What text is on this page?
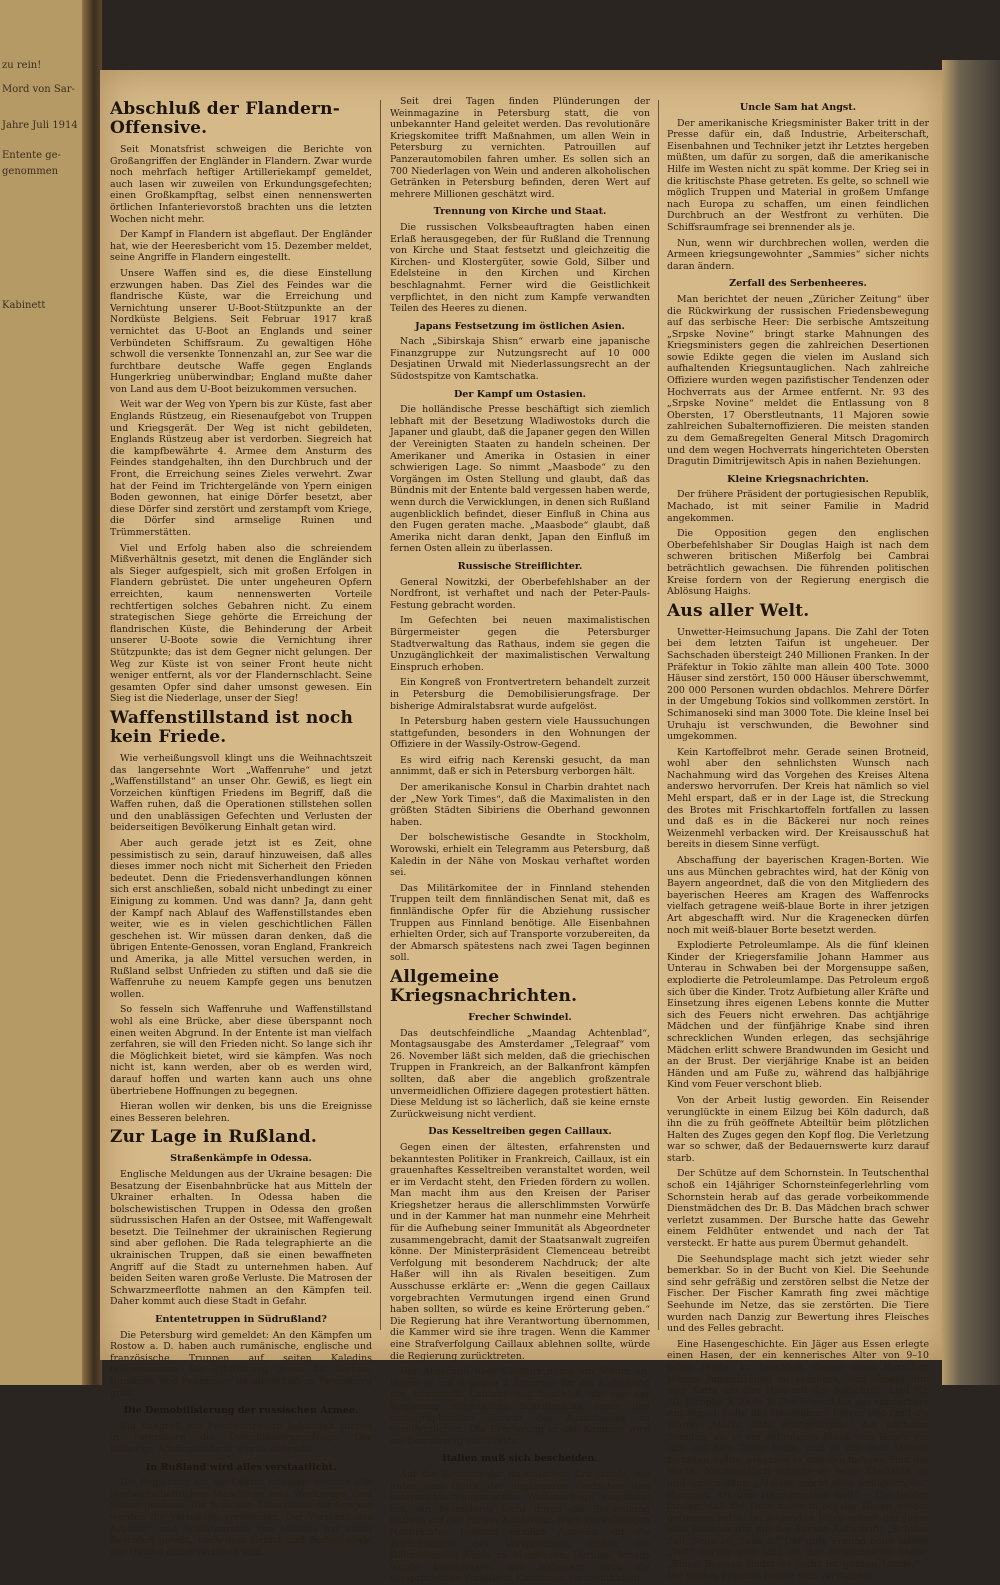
zu rein!
Mord von Sar-
Jahre Juli 1914
Entente ge-
genommen
Kabinett
Abschluß der Flandern-Offensive.

Seit Monatsfrist schweigen die Berichte von Großangriffen der Engländer in Flandern. Zwar wurde noch mehrfach heftiger Artilleriekampf gemeldet, auch lasen wir zuweilen von Erkundungsgefechten; einen Großkampftag, selbst einen nennenswerten örtlichen Infanterievorstoß brachten uns die letzten Wochen nicht mehr.

Der Kampf in Flandern ist abgeflaut. Der Engländer hat, wie der Heeresbericht vom 15. Dezember meldet, seine Angriffe in Flandern eingestellt.

Unsere Waffen sind es, die diese Einstellung erzwungen haben. Das Ziel des Feindes war die flandrische Küste, war die Erreichung und Vernichtung unserer U-Boot-Stützpunkte an der Nordküste Belgiens. Seit Februar 1917 kraß vernichtet das U-Boot an Englands und seiner Verbündeten Schiffsraum. Zu gewaltigen Höhe schwoll die versenkte Tonnenzahl an, zur See war die furchtbare deutsche Waffe gegen Englands Hungerkrieg unüberwindbar; England mußte daher von Land aus dem U-Boot beizukommen versuchen.

Weit war der Weg von Ypern bis zur Küste, fast aber Englands Rüstzeug, ein Riesenaufgebot von Truppen und Kriegsgerät. Der Weg ist nicht gebildeten, Englands Rüstzeug aber ist verdorben. Siegreich hat die kampfbewährte 4. Armee dem Ansturm des Feindes standgehalten, ihn den Durchbruch und der Front, die Erreichung seines Zieles verwehrt. Zwar hat der Feind im Trichtergelände von Ypern einigen Boden gewonnen, hat einige Dörfer besetzt, aber diese Dörfer sind zerstört und zerstampft vom Kriege, die Dörfer sind armselige Ruinen und Trümmerstätten.

Viel und Erfolg haben also die schreiendem Mißverhältnis gesetzt, mit denen die Engländer sich als Sieger aufgespielt, sich mit großen Erfolgen in Flandern gebrüstet. Die unter ungeheuren Opfern erreichten, kaum nennenswerten Vorteile rechtfertigen solches Gebahren nicht. Zu einem strategischen Siege gehörte die Erreichung der flandrischen Küste, die Behinderung der Arbeit unserer U-Boote sowie die Vernichtung ihrer Stützpunkte; das ist dem Gegner nicht gelungen. Der Weg zur Küste ist von seiner Front heute nicht weniger entfernt, als vor der Flandernschlacht. Seine gesamten Opfer sind daher umsonst gewesen. Ein Sieg ist die Niederlage, unser der Sieg!

Waffenstillstand ist noch kein Friede.

Wie verheißungsvoll klingt uns die Weihnachtszeit das langersehnte Wort „Waffenruhe“ und jetzt „Waffenstillstand“ an unser Ohr. Gewiß, es liegt ein Vorzeichen künftigen Friedens im Begriff, daß die Waffen ruhen, daß die Operationen stillstehen sollen und den unablässigen Gefechten und Verlusten der beiderseitigen Bevölkerung Einhalt getan wird.

Aber auch gerade jetzt ist es Zeit, ohne pessimistisch zu sein, darauf hinzuweisen, daß alles dieses immer noch nicht mit Sicherheit den Frieden bedeutet. Denn die Friedensverhandlungen können sich erst anschließen, sobald nicht unbedingt zu einer Einigung zu kommen. Und was dann? Ja, dann geht der Kampf nach Ablauf des Waffenstillstandes eben weiter, wie es in vielen geschichtlichen Fällen geschehen ist. Wir müssen daran denken, daß die übrigen Entente-Genossen, voran England, Frankreich und Amerika, ja alle Mittel versuchen werden, in Rußland selbst Unfrieden zu stiften und daß sie die Waffenruhe zu neuem Kampfe gegen uns benutzen wollen.

So fesseln sich Waffenruhe und Waffenstillstand wohl als eine Brücke, aber diese überspannt noch einen weiten Abgrund. In der Entente ist man vielfach zerfahren, sie will den Frieden nicht. So lange sich ihr die Möglichkeit bietet, wird sie kämpfen. Was noch nicht ist, kann werden, aber ob es werden wird, darauf hoffen und warten kann auch uns ohne übertriebene Hoffnungen zu begegnen.

Hieran wollen wir denken, bis uns die Ereignisse eines Besseren belehren.

Zur Lage in Rußland.
Straßenkämpfe in Odessa.

Englische Meldungen aus der Ukraine besagen: Die Besatzung der Eisenbahnbrücke hat aus Mitteln der Ukrainer erhalten. In Odessa haben die bolschewistischen Truppen in Odessa den großen südrussischen Hafen an der Ostsee, mit Waffengewalt besetzt. Die Teilnehmer der ukrainischen Regierung sind aber geflohen. Die Rada telegraphierte an die ukrainischen Truppen, daß sie einen bewaffneten Angriff auf die Stadt zu unternehmen haben. Auf beiden Seiten waren große Verluste. Die Matrosen der Schwarzmeerflotte nahmen an den Kämpfen teil. Daher kommt auch diese Stadt in Gefahr.

Ententetruppen in Südrußland?

Die Petersburg wird gemeldet: An den Kämpfen um Rostow a. D. haben auch rumänische, englische und französische Truppen auf seiten Kaledins teilgenommen. Die Erbitterung gegen die Serben, Rumänen und Franzosen ist dieserhalb in Petersburg groß.

Die Demobilisierung der russischen Armee.

Ein Kongreß von Frontvertretern behandelt zurzeit in Petersburg die Demobilisierungsfrage. Der bisherige Admiralstabsrat wurde aufgelöst.

In Rußland wird alles verstaatlicht.

Die Regierung hat ein Dekret erlassen, wonach alle landwirtschaftlichen Maschinen und Werkzeuge dem Staate gehören. Die örtlichen Ausschüsse der Sowjets werden die Verteilung vornehmen. Der Vorstand des Arbeiter- und Soldatenrates von Moskau hat einen Beschluß gefaßt, nach dem Grund und Boden sowie der Handel damit verboten sind.

Seit drei Tagen finden Plünderungen der Weinmagazine in Petersburg statt, die von unbekannter Hand geleitet werden. Das revolutionäre Kriegskomitee trifft Maßnahmen, um allen Wein in Petersburg zu vernichten. Patrouillen auf Panzerautomobilen fahren umher. Es sollen sich an 700 Niederlagen von Wein und anderen alkoholischen Getränken in Petersburg befinden, deren Wert auf mehrere Millionen geschätzt wird.

Trennung von Kirche und Staat.

Die russischen Volksbeauftragten haben einen Erlaß herausgegeben, der für Rußland die Trennung von Kirche und Staat festsetzt und gleichzeitig die Kirchen- und Klostergüter, sowie Gold, Silber und Edelsteine in den Kirchen und Kirchen beschlagnahmt. Ferner wird die Geistlichkeit verpflichtet, in den nicht zum Kampfe verwandten Teilen des Heeres zu dienen.

Japans Festsetzung im östlichen Asien.

Nach „Sibirskaja Shisn“ erwarb eine japanische Finanzgruppe zur Nutzungsrecht auf 10 000 Desjatinen Urwald mit Niederlassungsrecht an der Südostspitze von Kamtschatka.

Der Kampf um Ostasien.

Die holländische Presse beschäftigt sich ziemlich lebhaft mit der Besetzung Wladiwostoks durch die Japaner und glaubt, daß die Japaner gegen den Willen der Vereinigten Staaten zu handeln scheinen. Der Amerikaner und Amerika in Ostasien in einer schwierigen Lage. So nimmt „Maasbode“ zu den Vorgängen im Osten Stellung und glaubt, daß das Bündnis mit der Entente bald vergessen haben werde, wenn durch die Verwicklungen, in denen sich Rußland augenblicklich befindet, dieser Einfluß in China aus den Fugen geraten mache. „Maasbode“ glaubt, daß Amerika nicht daran denkt, Japan den Einfluß im fernen Osten allein zu überlassen.

Russische Streiflichter.

General Nowitzki, der Oberbefehlshaber an der Nordfront, ist verhaftet und nach der Peter-Pauls-Festung gebracht worden.

Im Gefechten bei neuen maximalistischen Bürgermeister gegen die Petersburger Stadtverwaltung das Rathaus, indem sie gegen die Unzugänglichkeit der maximalistischen Verwaltung Einspruch erhoben.

Ein Kongreß von Frontvertretern behandelt zurzeit in Petersburg die Demobilisierungsfrage. Der bisherige Admiralstabsrat wurde aufgelöst.

In Petersburg haben gestern viele Haussuchungen stattgefunden, besonders in den Wohnungen der Offiziere in der Wassily-Ostrow-Gegend.

Es wird eifrig nach Kerenski gesucht, da man annimmt, daß er sich in Petersburg verborgen hält.

Der amerikanische Konsul in Charbin drahtet nach der „New York Times“, daß die Maximalisten in den größten Städten Sibiriens die Oberhand gewonnen haben.

Der bolschewistische Gesandte in Stockholm, Worowski, erhielt ein Telegramm aus Petersburg, daß Kaledin in der Nähe von Moskau verhaftet worden sei.

Das Militärkomitee der in Finnland stehenden Truppen teilt dem finnländischen Senat mit, daß es finnländische Opfer für die Abziehung russischer Truppen aus Finnland benötige. Alle Eisenbahnen erhielten Order, sich auf Transporte vorzubereiten, da der Abmarsch spätestens nach zwei Tagen beginnen soll.

Allgemeine Kriegsnachrichten.
Frecher Schwindel.

Das deutschfeindliche „Maandag Achtenblad“, Montagsausgabe des Amsterdamer „Telegraaf“ vom 26. November läßt sich melden, daß die griechischen Truppen in Frankreich, an der Balkanfront kämpfen sollten, daß aber die angeblich großzentrale unvermeidlichen Offiziere dagegen protestiert hätten. Diese Meldung ist so lächerlich, daß sie keine ernste Zurückweisung nicht verdient.

Das Kesseltreiben gegen Caillaux.

Gegen einen der ältesten, erfahrensten und bekanntesten Politiker in Frankreich, Caillaux, ist ein grauenhaftes Kesseltreiben veranstaltet worden, weil er im Verdacht steht, den Frieden fördern zu wollen. Man macht ihm aus den Kreisen der Pariser Kriegshetzer heraus die allerschlimmsten Vorwürfe und in der Kammer hat man nunmehr eine Mehrheit für die Aufhebung seiner Immunität als Abgeordneter zusammengebracht, damit der Staatsanwalt zugreifen könne. Der Ministerpräsident Clemenceau betreibt Verfolgung mit besonderem Nachdruck; der alte Haßer will ihn als Rivalen beseitigen. Zum Ausschusse erklärte er: „Wenn die gegen Caillaux vorgebrachten Vermutungen irgend einen Grund haben sollten, so würde es keine Erörterung geben.“ Die Regierung hat ihre Verantwortung übernommen, die Kammer wird sie ihre tragen. Wenn die Kammer eine Strafverfolgung Caillaux ablehnen sollte, würde die Regierung zurücktreten.

Der Ausschuß über Caillaux nahm ein Votum an, indem er mit 9 gegen 2 Stimmen für die Aufhebung der Immunität Caillaux und beschloß die von der Regierung mitgeteilten Schriftstücke sowie den stenographischen Bericht des Ausschusses zu veröffentlichen. Die Erörterung in der Kammer wird am Donnerstag stattfinden.

Italien muß sich bescheiden.

Auf die Revision der italienischen Kriegsziele, die unter dem Druck der ungeheuren deutschen und österreichisch-ungarischen Waffenerfolge eingesetzt hat, ein besonderes Licht durch die Behandlung Italiens auf der Pariser Konferenz. Nach zuverlässigen Nachrichten bestand nämlich Amerika auf die Zurücknahme des Versprechens, Italien die Dalmatinische Küste zu überlassen. Darüber hinaus wurde beschlossen, den Italienern auch die versprochenen Vorteile in Kleinasien vorzuenthalten.

Uncle Sam hat Angst.

Der amerikanische Kriegsminister Baker tritt in der Presse dafür ein, daß Industrie, Arbeiterschaft, Eisenbahnen und Techniker jetzt ihr Letztes hergeben müßten, um dafür zu sorgen, daß die amerikanische Hilfe im Westen nicht zu spät komme. Der Krieg sei in die kritischste Phase getreten. Es gelte, so schnell wie möglich Truppen und Material in großem Umfange nach Europa zu schaffen, um einen feindlichen Durchbruch an der Westfront zu verhüten. Die Schiffsraumfrage sei brennender als je.

Nun, wenn wir durchbrechen wollen, werden die Armeen kriegsungewohnter „Sammies“ sicher nichts daran ändern.

Zerfall des Serbenheeres.

Man berichtet der neuen „Züricher Zeitung“ über die Rückwirkung der russischen Friedensbewegung auf das serbische Heer: Die serbische Amtszeitung „Srpske Novine“ bringt starke Mahnungen des Kriegsministers gegen die zahlreichen Desertionen sowie Edikte gegen die vielen im Ausland sich aufhaltenden Kriegsuntauglichen. Nach zahlreiche Offiziere wurden wegen pazifistischer Tendenzen oder Hochverrats aus der Armee entfernt. Nr. 93 des „Srpske Novine“ meldet die Entlassung von 8 Obersten, 17 Oberstleutnants, 11 Majoren sowie zahlreichen Subalternoffizieren. Die meisten standen zu dem Gemaßregelten General Mitsch Dragomirch und dem wegen Hochverrats hingerichteten Obersten Dragutin Dimitrijewitsch Apis in nahen Beziehungen.

Kleine Kriegsnachrichten.

Der frühere Präsident der portugiesischen Republik, Machado, ist mit seiner Familie in Madrid angekommen.

Die Opposition gegen den englischen Oberbefehlshaber Sir Douglas Haigh ist nach dem schweren britischen Mißerfolg bei Cambrai beträchtlich gewachsen. Die führenden politischen Kreise fordern von der Regierung energisch die Ablösung Haighs.

Aus aller Welt.

Unwetter-Heimsuchung Japans. Die Zahl der Toten bei dem letzten Taifun ist ungeheuer. Der Sachschaden übersteigt 240 Millionen Franken. In der Präfektur in Tokio zählte man allein 400 Tote. 3000 Häuser sind zerstört, 150 000 Häuser überschwemmt, 200 000 Personen wurden obdachlos. Mehrere Dörfer in der Umgebung Tokios sind vollkommen zerstört. In Schimanoseki sind man 3000 Tote. Die kleine Insel bei Uruhaju ist verschwunden, die Bewohner sind umgekommen.

Kein Kartoffelbrot mehr. Gerade seinen Brotneid, wohl aber den sehnlichsten Wunsch nach Nachahmung wird das Vorgehen des Kreises Altena anderswo hervorrufen. Der Kreis hat nämlich so viel Mehl erspart, daß er in der Lage ist, die Streckung des Brotes mit Frischkartoffeln fortfallen zu lassen und daß es in die Bäckerei nur noch reines Weizenmehl verbacken wird. Der Kreisausschuß hat bereits in diesem Sinne verfügt.

Abschaffung der bayerischen Kragen-Borten. Wie uns aus München gebrachtes wird, hat der König von Bayern angeordnet, daß die von den Mitgliedern des bayerischen Heeres am Kragen des Waffenrocks vielfach getragene weiß-blaue Borte in ihrer jetzigen Art abgeschafft wird. Nur die Kragenecken dürfen noch mit weiß-blauer Borte besetzt werden.

Explodierte Petroleumlampe. Als die fünf kleinen Kinder der Kriegersfamilie Johann Hammer aus Unterau in Schwaben bei der Morgensuppe saßen, explodierte die Petroleumlampe. Das Petroleum ergoß sich über die Kinder. Trotz Aufbietung aller Kräfte und Einsetzung ihres eigenen Lebens konnte die Mutter sich des Feuers nicht erwehren. Das achtjährige Mädchen und der fünfjährige Knabe sind ihren schrecklichen Wunden erlegen, das sechsjährige Mädchen erlitt schwere Brandwunden im Gesicht und an der Brust. Der vierjährige Knabe ist an beiden Händen und am Fuße zu, während das halbjährige Kind vom Feuer verschont blieb.

Von der Arbeit lustig geworden. Ein Reisender verunglückte in einem Eilzug bei Köln dadurch, daß ihn die zu früh geöffnete Abteiltür beim plötzlichen Halten des Zuges gegen den Kopf flog. Die Verletzung war so schwer, daß der Bedauernswerte kurz darauf starb.

Der Schütze auf dem Schornstein. In Teutschenthal schoß ein 14jähriger Schornsteinfegerlehrling vom Schornstein herab auf das gerade vorbeikommende Dienstmädchen des Dr. B. Das Mädchen brach schwer verletzt zusammen. Der Bursche hatte das Gewehr einem Feldhüter entwendet und nach der Tat versteckt. Er hatte aus purem Übermut gehandelt.

Die Seehundsplage macht sich jetzt wieder sehr bemerkbar. So in der Bucht von Kiel. Die Seehunde sind sehr gefräßig und zerstören selbst die Netze der Fischer. Der Fischer Kamrath fing zwei mächtige Seehunde im Netze, das sie zerstörten. Die Tiere wurden nach Danzig zur Bewertung ihres Fleisches und des Felles gebracht.

Eine Hasengeschichte. Ein Jäger aus Essen erlegte einen Hasen, der ein kennerisches Alter von 9–10 Jahre zeigte. Er beschloß, diesen alten Burschen seinem Jugendfreund zu verehren, und hängte ihm eine Karte um den Hals mit der Aufschrift: Lied Nr. 60, Strophe 3, Zeile 2. Der Freund las das sonderbare Anhängsel, holte das Gesangbuch hervor und fand die Worte: „Möcht alles wohlgelingen!“ Am nächsten Sonntag, als er ein gebratenes Stück vom Hasen vor sich auf dem Teller hatte, und es mit dem Messer zerteilen wollte, erkannte er erst den tieferen Sinn der Worte. Nachdenklich schaute er seine Ehehälfte an und sprach dann: „Mutter, möcht alles wohlgelingen.“ Hammer, Art und Handgranaten bei!“ – Die beiden fanden, daß die Tiere zuvor in bei der Hasen wieder gefressen hatte. Im folgenden Jahre erhielt der Jäger eine Dankeskarte mit der kurzen Aufschrift: „Schiller Zell, Seite 16, Zeile 5.“ Der gute Freund holte seinen „Tell“ hervor und fand an der bezeichneten Stelle: „Einen Bessern findst du nicht im ganzen Lande.“ – Die beiden Freunde hatten sich verstanden.
